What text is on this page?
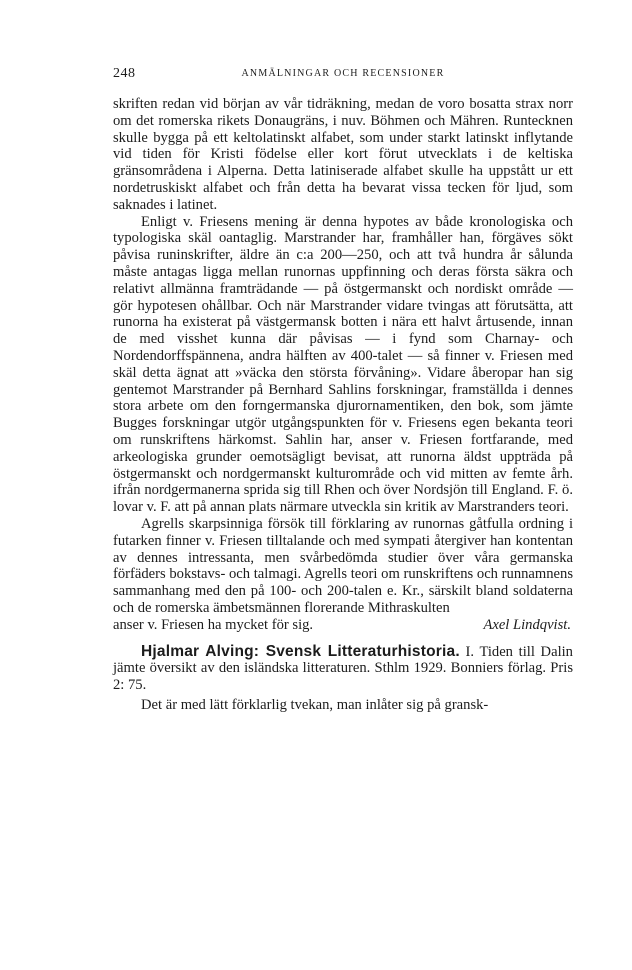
248	ANMÄLNINGAR OCH RECENSIONER

skriften redan vid början av vår tidräkning, medan de voro bosatta strax norr om det romerska rikets Donaugräns, i nuv. Böhmen och Mähren. Runtecknen skulle bygga på ett keltolatinskt alfabet, som under starkt latinskt inflytande vid tiden för Kristi födelse eller kort förut utvecklats i de keltiska gränsområdena i Alperna. Detta latiniserade alfabet skulle ha uppstått ur ett nordetruskiskt alfabet och från detta ha bevarat vissa tecken för ljud, som saknades i latinet.

Enligt v. Friesens mening är denna hypotes av både kronologiska och typologiska skäl oantaglig. Marstrander har, framhåller han, förgäves sökt påvisa runinskrifter, äldre än c:a 200—250, och att två hundra år sålunda måste antagas ligga mellan runornas uppfinning och deras första säkra och relativt allmänna framträdande — på östgermanskt och nordiskt område — gör hypotesen ohållbar. Och när Marstrander vidare tvingas att förutsätta, att runorna ha existerat på västgermansk botten i nära ett halvt årtusende, innan de med visshet kunna där påvisas — i fynd som Charnay- och Nordendorffspännena, andra hälften av 400-talet — så finner v. Friesen med skäl detta ägnat att »väcka den största förvåning». Vidare åberopar han sig gentemot Marstrander på Bernhard Sahlins forskningar, framställda i dennes stora arbete om den forngermanska djurornamentiken, den bok, som jämte Bugges forskningar utgör utgångspunkten för v. Friesens egen bekanta teori om runskriftens härkomst. Sahlin har, anser v. Friesen fortfarande, med arkeologiska grunder oemotsägligt bevisat, att runorna äldst uppträda på östgermanskt och nordgermanskt kulturområde och vid mitten av femte årh. ifrån nordgermanerna sprida sig till Rhen och över Nordsjön till England. F. ö. lovar v. F. att på annan plats närmare utveckla sin kritik av Marstranders teori.

Agrells skarpsinniga försök till förklaring av runornas gåtfulla ordning i futarken finner v. Friesen tilltalande och med sympati återgiver han kontentan av dennes intressanta, men svårbedömda studier över våra germanska förfäders bokstavs- och talmagi. Agrells teori om runskriftens och runnamnens sammanhang med den på 100- och 200-talen e. Kr., särskilt bland soldaterna och de romerska ämbetsmännen florerande Mithraskulten

anser v. Friesen ha mycket för sig.	Axel Lindqvist.

Hjalmar Alving: Svensk Litteraturhistoria. I. Tiden till Dalin jämte översikt av den isländska litteraturen. Sthlm 1929. Bonniers förlag. Pris 2: 75.

Det är med lätt förklarlig tvekan, man inlåter sig på gransk-
